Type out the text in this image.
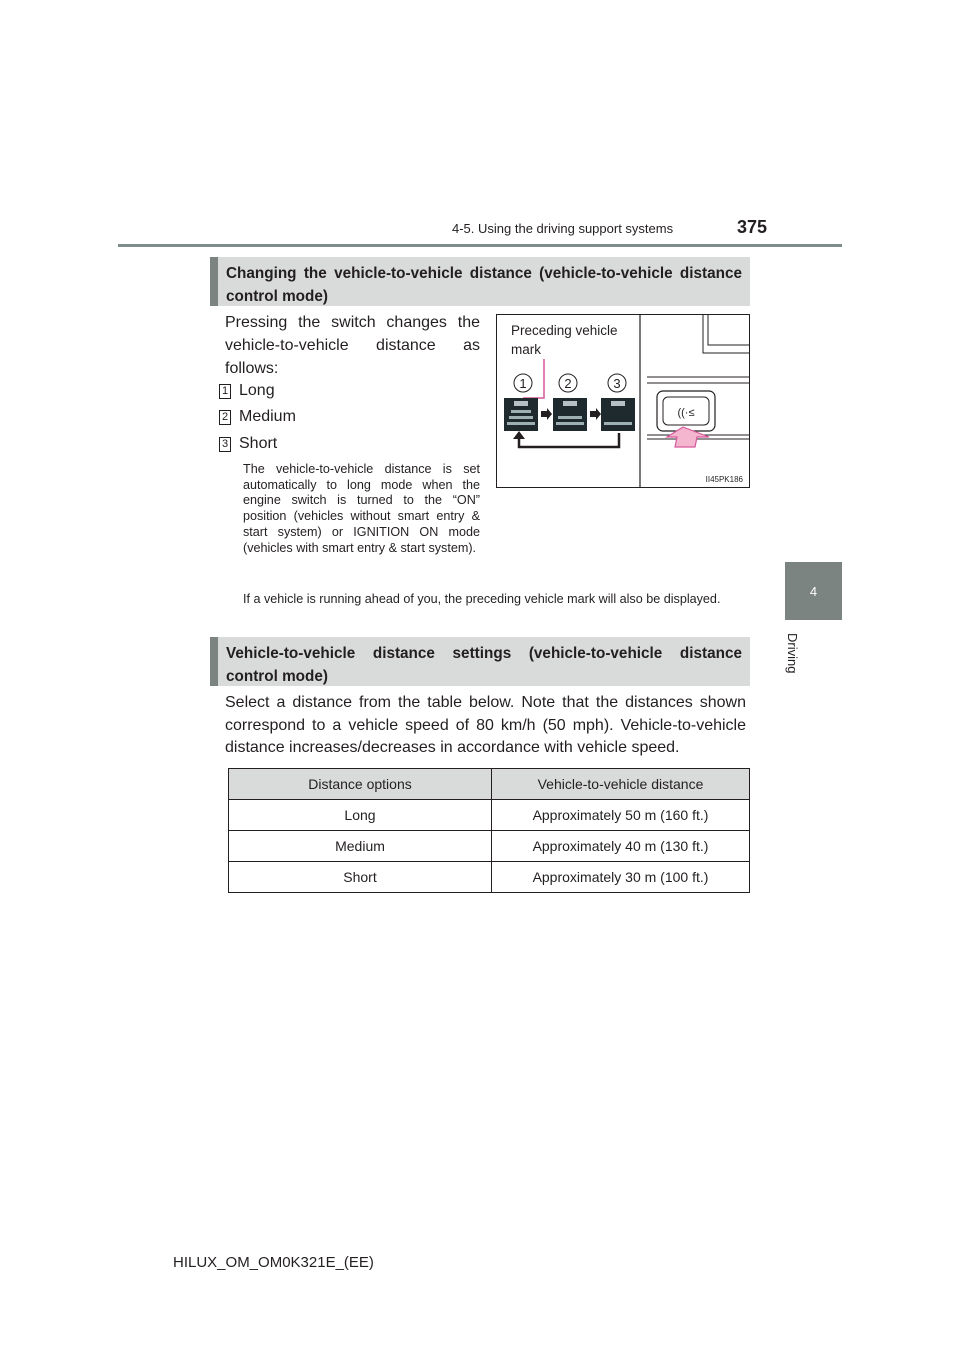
4-5. Using the driving support systems	375
4
Driving
Changing the vehicle-to-vehicle distance (vehicle-to-vehicle distance control mode)
Pressing the switch changes the vehicle-to-vehicle distance as follows:
1 Long
2 Medium
3 Short
The vehicle-to-vehicle distance is set automatically to long mode when the engine switch is turned to the “ON” position (vehicles without smart entry & start system) or IGNITION ON mode (vehicles with smart entry & start system).
If a vehicle is running ahead of you, the preceding vehicle mark will also be displayed.
Preceding vehicle
mark
1	2	3
((·≤
II45PK186
Vehicle-to-vehicle distance settings (vehicle-to-vehicle distance control mode)
Select a distance from the table below. Note that the distances shown correspond to a vehicle speed of 80 km/h (50 mph). Vehicle-to-vehicle distance increases/decreases in accordance with vehicle speed.
Distance options	Vehicle-to-vehicle distance
Long	Approximately 50 m (160 ft.)
Medium	Approximately 40 m (130 ft.)
Short	Approximately 30 m (100 ft.)
HILUX_OM_OM0K321E_(EE)
